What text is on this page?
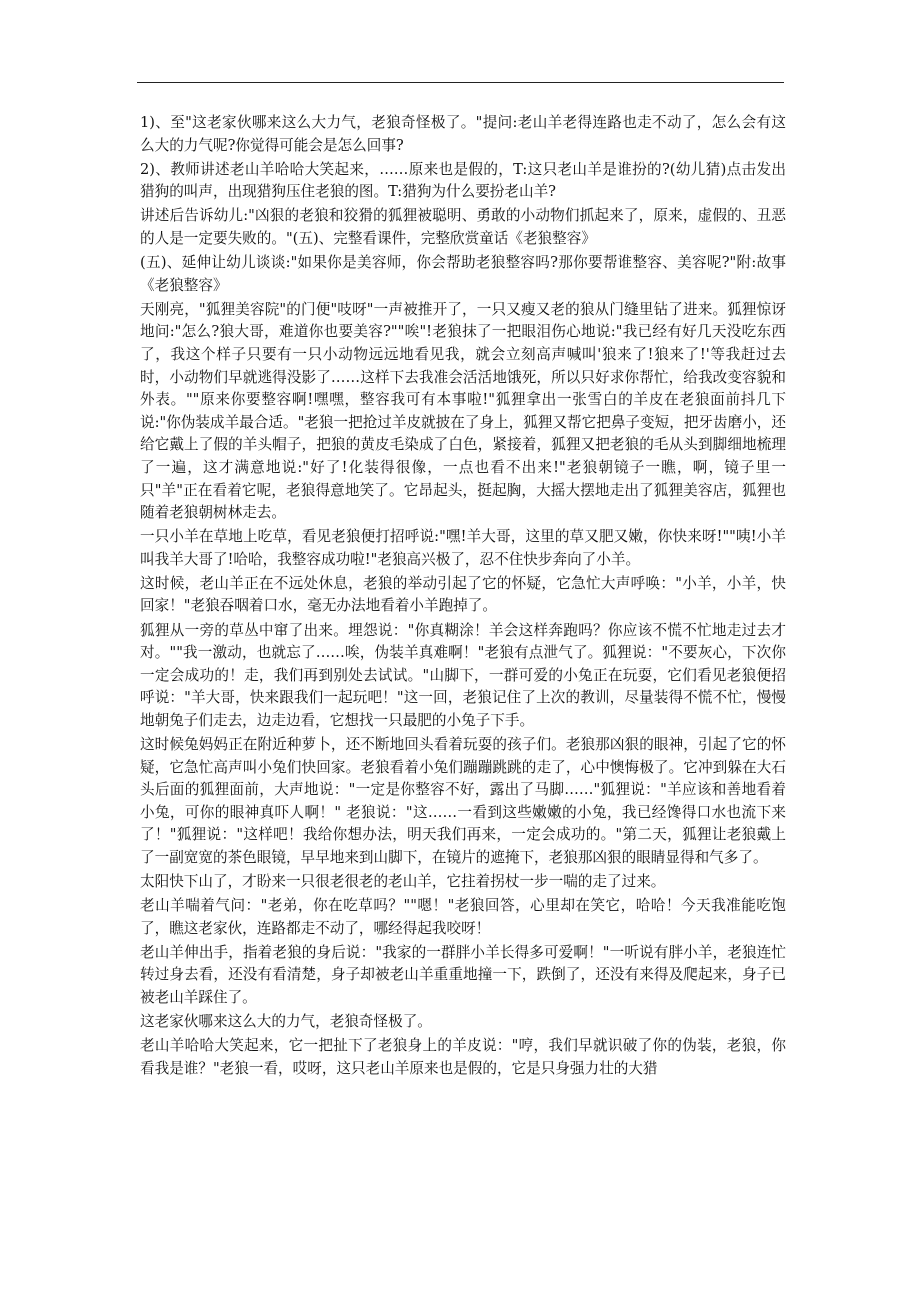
1)、至"这老家伙哪来这么大力气，老狼奇怪极了。"提问:老山羊老得连路也走不动了，怎么会有这么大的力气呢?你觉得可能会是怎么回事?

2)、教师讲述老山羊哈哈大笑起来，……原来也是假的，T:这只老山羊是谁扮的?(幼儿猜)点击发出猎狗的叫声，出现猎狗压住老狼的图。T:猎狗为什么要扮老山羊?

讲述后告诉幼儿:"凶狠的老狼和狡猾的狐狸被聪明、勇敢的小动物们抓起来了，原来，虚假的、丑恶的人是一定要失败的。"(五)、完整看课件，完整欣赏童话《老狼整容》

(五)、延伸让幼儿谈谈:"如果你是美容师，你会帮助老狼整容吗?那你要帮谁整容、美容呢?"附:故事《老狼整容》

天刚亮，"狐狸美容院"的门便"吱呀"一声被推开了，一只又瘦又老的狼从门缝里钻了进来。狐狸惊讶地问:"怎么?狼大哥，难道你也要美容?""唉"!老狼抹了一把眼泪伤心地说:"我已经有好几天没吃东西了，我这个样子只要有一只小动物远远地看见我，就会立刻高声喊叫'狼来了!狼来了!'等我赶过去时，小动物们早就逃得没影了……这样下去我准会活活地饿死，所以只好求你帮忙，给我改变容貌和外表。""原来你要整容啊!嘿嘿，整容我可有本事啦!"狐狸拿出一张雪白的羊皮在老狼面前抖几下说:"你伪装成羊最合适。"老狼一把抢过羊皮就披在了身上，狐狸又帮它把鼻子变短，把牙齿磨小，还给它戴上了假的羊头帽子，把狼的黄皮毛染成了白色，紧接着，狐狸又把老狼的毛从头到脚细地梳理了一遍，这才满意地说:"好了!化装得很像，一点也看不出来!"老狼朝镜子一瞧，啊，镜子里一只"羊"正在看着它呢，老狼得意地笑了。它昂起头，挺起胸，大摇大摆地走出了狐狸美容店，狐狸也随着老狼朝树林走去。

一只小羊在草地上吃草，看见老狼便打招呼说:"嘿!羊大哥，这里的草又肥又嫩，你快来呀!""咦!小羊叫我羊大哥了!哈哈，我整容成功啦!"老狼高兴极了，忍不住快步奔向了小羊。

这时候，老山羊正在不远处休息，老狼的举动引起了它的怀疑，它急忙大声呼唤："小羊，小羊，快回家！"老狼吞咽着口水，毫无办法地看着小羊跑掉了。

狐狸从一旁的草丛中窜了出来。埋怨说："你真糊涂！羊会这样奔跑吗？你应该不慌不忙地走过去才对。""我一激动，也就忘了……唉，伪装羊真难啊！"老狼有点泄气了。狐狸说："不要灰心，下次你一定会成功的！走，我们再到别处去试试。"山脚下，一群可爱的小兔正在玩耍，它们看见老狼便招呼说："羊大哥，快来跟我们一起玩吧！"这一回，老狼记住了上次的教训，尽量装得不慌不忙，慢慢地朝兔子们走去，边走边看，它想找一只最肥的小兔子下手。

这时候兔妈妈正在附近种萝卜，还不断地回头看着玩耍的孩子们。老狼那凶狠的眼神，引起了它的怀疑，它急忙高声叫小兔们快回家。老狼看着小兔们蹦蹦跳跳的走了，心中懊悔极了。它冲到躲在大石头后面的狐狸面前，大声地说："一定是你整容不好，露出了马脚……"狐狸说："羊应该和善地看着小兔，可你的眼神真吓人啊！" 老狼说："这……一看到这些嫩嫩的小兔，我已经馋得口水也流下来了！"狐狸说："这样吧！我给你想办法，明天我们再来，一定会成功的。"第二天，狐狸让老狼戴上了一副宽宽的茶色眼镜，早早地来到山脚下，在镜片的遮掩下，老狼那凶狠的眼睛显得和气多了。

太阳快下山了，才盼来一只很老很老的老山羊，它拄着拐杖一步一喘的走了过来。

老山羊喘着气问："老弟，你在吃草吗？""嗯！"老狼回答，心里却在笑它，哈哈！今天我准能吃饱了，瞧这老家伙，连路都走不动了，哪经得起我咬呀！

老山羊伸出手，指着老狼的身后说："我家的一群胖小羊长得多可爱啊！"一听说有胖小羊，老狼连忙转过身去看，还没有看清楚，身子却被老山羊重重地撞一下，跌倒了，还没有来得及爬起来，身子已被老山羊踩住了。

这老家伙哪来这么大的力气，老狼奇怪极了。

老山羊哈哈大笑起来，它一把扯下了老狼身上的羊皮说："哼，我们早就识破了你的伪装，老狼，你看我是谁？"老狼一看，哎呀，这只老山羊原来也是假的，它是只身强力壮的大猎
